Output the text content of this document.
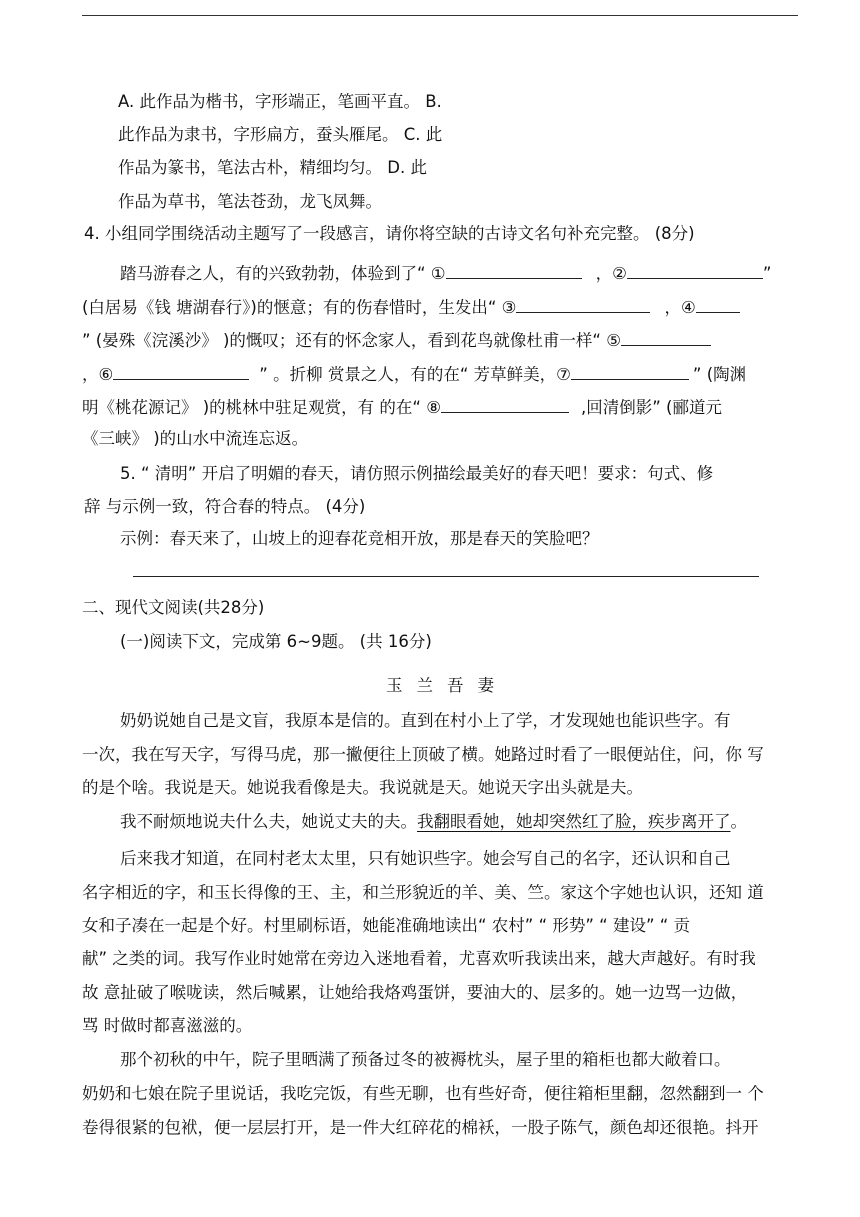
A. 此作品为楷书，字形端正，笔画平直。 B.
此作品为隶书，字形扁方，蚕头雁尾。 C. 此
作品为篆书，笔法古朴，精细均匀。 D. 此
作品为草书，笔法苍劲，龙飞凤舞。
4. 小组同学围绕活动主题写了一段感言，请你将空缺的古诗文名句补充完整。 (8分)
踏马游春之人，有的兴致勃勃，体验到了“ ①	，②	”
(白居易《钱 塘湖春行》)的惬意；有的伤春惜时，生发出“ ③	，④
” (晏殊《浣溪沙》 )的慨叹；还有的怀念家人，看到花鸟就像杜甫一样“ ⑤
，⑥	” 。折柳 赏景之人，有的在“ 芳草鲜美，⑦	” (陶渊
明《桃花源记》 )的桃林中驻足观赏，有 的在“ ⑧	,回清倒影” (郦道元
《三峡》 )的山水中流连忘返。
5. “ 清明” 开启了明媚的春天，请仿照示例描绘最美好的春天吧！要求：句式、修
辞 与示例一致，符合春的特点。 (4分)
示例：春天来了，山坡上的迎春花竞相开放，那是春天的笑脸吧？
二、现代文阅读(共28分)
(一)阅读下文，完成第 6~9题。 (共 16分)
玉兰吾妻
奶奶说她自己是文盲，我原本是信的。直到在村小上了学，才发现她也能识些字。有
一次，我在写天字，写得马虎，那一撇便往上顶破了横。她路过时看了一眼便站住，问，你 写
的是个啥。我说是天。她说我看像是夫。我说就是天。她说天字出头就是夫。
我不耐烦地说夫什么夫，她说丈夫的夫。我翻眼看她，她却突然红了脸，疾步离开了。
后来我才知道，在同村老太太里，只有她识些字。她会写自己的名字，还认识和自己
名字相近的字，和玉长得像的王、主，和兰形貌近的羊、美、竺。家这个字她也认识，还知 道
女和子凑在一起是个好。村里刷标语，她能准确地读出“ 农村” “ 形势” “ 建设” “ 贡
献” 之类的词。我写作业时她常在旁边入迷地看着，尤喜欢听我读出来，越大声越好。有时我
故 意扯破了喉咙读，然后喊累，让她给我烙鸡蛋饼，要油大的、层多的。她一边骂一边做，
骂 时做时都喜滋滋的。
那个初秋的中午，院子里晒满了预备过冬的被褥枕头，屋子里的箱柜也都大敞着口。
奶奶和七娘在院子里说话，我吃完饭，有些无聊，也有些好奇，便往箱柜里翻，忽然翻到一 个
卷得很紧的包袱，便一层层打开，是一件大红碎花的棉袄，一股子陈气，颜色却还很艳。抖开
